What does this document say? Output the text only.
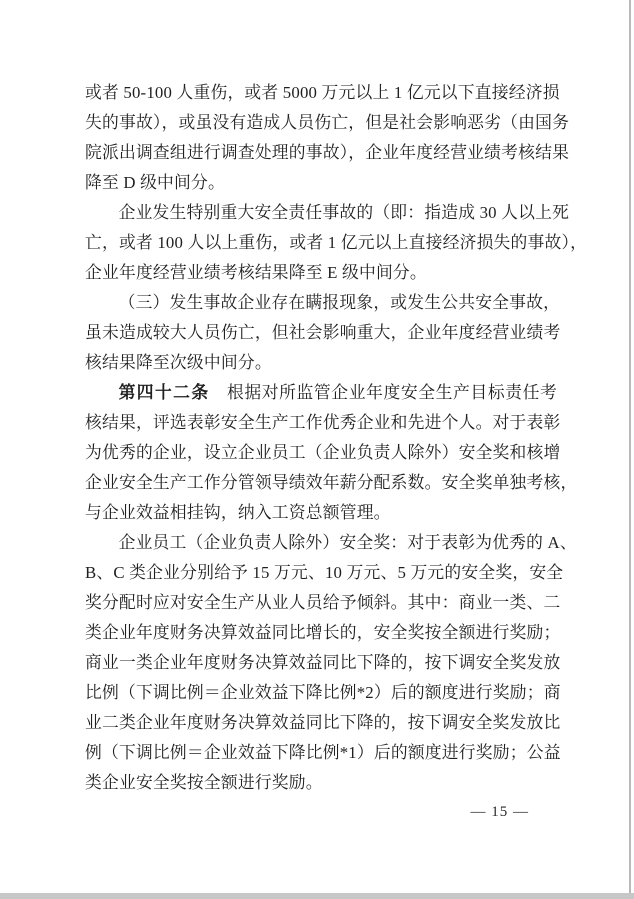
或者 50-100 人重伤，或者 5000 万元以上 1 亿元以下直接经济损
失的事故），或虽没有造成人员伤亡，但是社会影响恶劣（由国务
院派出调查组进行调查处理的事故），企业年度经营业绩考核结果
降至 D 级中间分。
企业发生特别重大安全责任事故的（即：指造成 30 人以上死
亡，或者 100 人以上重伤，或者 1 亿元以上直接经济损失的事故），
企业年度经营业绩考核结果降至 E 级中间分。
（三）发生事故企业存在瞒报现象，或发生公共安全事故，
虽未造成较大人员伤亡，但社会影响重大，企业年度经营业绩考
核结果降至次级中间分。
第四十二条　根据对所监管企业年度安全生产目标责任考
核结果，评选表彰安全生产工作优秀企业和先进个人。对于表彰
为优秀的企业，设立企业员工（企业负责人除外）安全奖和核增
企业安全生产工作分管领导绩效年薪分配系数。安全奖单独考核，
与企业效益相挂钩，纳入工资总额管理。
企业员工（企业负责人除外）安全奖：对于表彰为优秀的 A、
B、C 类企业分别给予 15 万元、10 万元、5 万元的安全奖，安全
奖分配时应对安全生产从业人员给予倾斜。其中：商业一类、二
类企业年度财务决算效益同比增长的，安全奖按全额进行奖励；
商业一类企业年度财务决算效益同比下降的，按下调安全奖发放
比例（下调比例＝企业效益下降比例*2）后的额度进行奖励；商
业二类企业年度财务决算效益同比下降的，按下调安全奖发放比
例（下调比例＝企业效益下降比例*1）后的额度进行奖励；公益
类企业安全奖按全额进行奖励。
— 15 —
